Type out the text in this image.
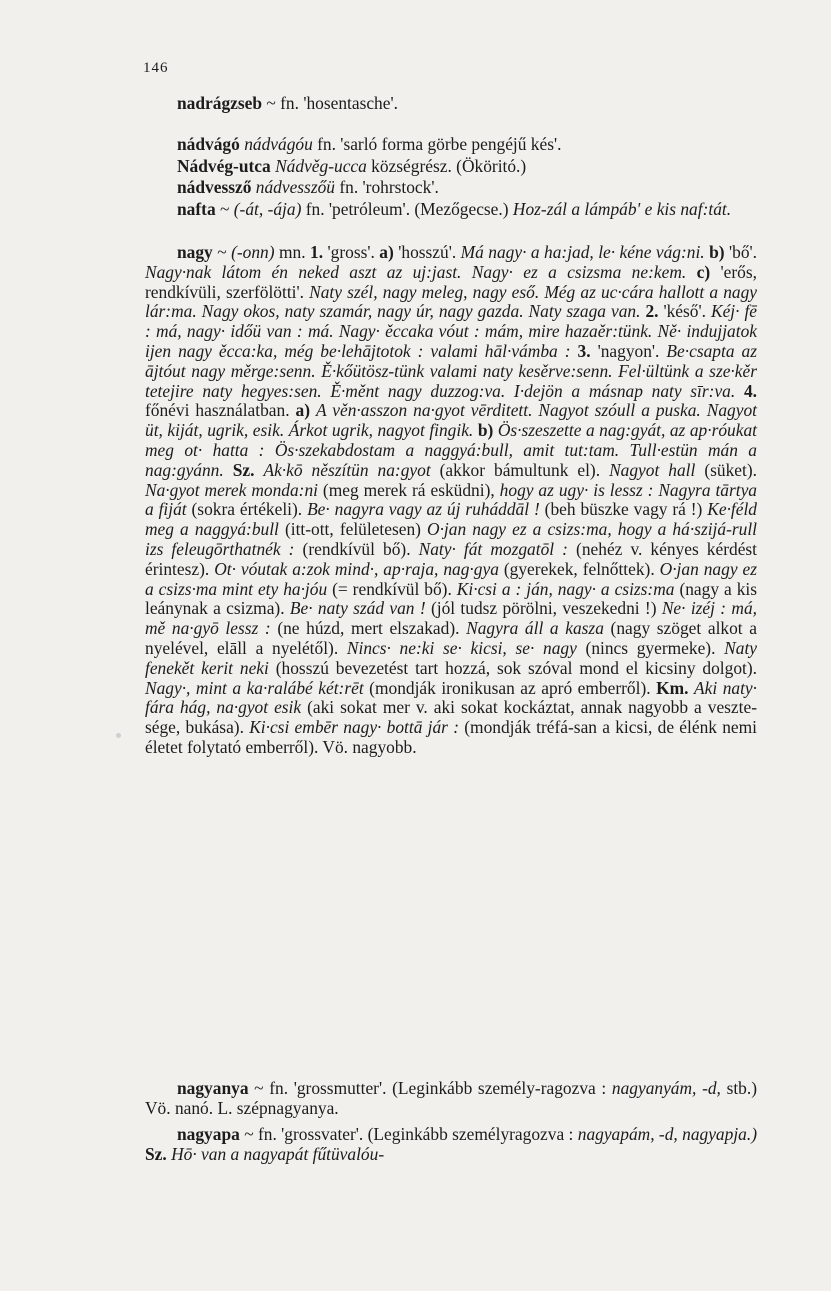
146
nadrágzseb ~ fn. 'hosentasche'.
nádvágó nádvágóu fn. 'sarló forma görbe pengéjű kés'.
Nádvég-utca Nádvěg-ucca községrész. (Ököritó.)
nádvessző nádvesszőü fn. 'rohrstock'.
nafta ~ (-át, -ája) fn. 'petróleum'. (Mezőgecse.) Hoz-zál a lámpáb' e kis naf:tát.
nagy ~ (-onn) mn. 1. 'gross'. a) 'hosszú'. Má nagy· a ha:jad, le· kéne vág:ni. b) 'bő'. Nagy·nak látom én neked aszt az uj:jast. Nagy· ez a csizsma ne:kem. c) 'erős, rendkívüli, szerfölötti'. Naty szél, nagy meleg, nagy eső. Még az uc·cára hallott a nagy lár:ma. Nagy okos, naty szamár, nagy úr, nagy gazda. Naty szaga van. 2. 'késő'. Kéj· fē : má, nagy· időü van : má. Nagy· ěccaka vóut : mám, mire hazaěr:tünk. Ně· indujjatok ijen nagy ěcca:ka, még be·lehājtotok : valami hāl·vámba : 3. 'nagyon'. Be·csapta az ājtóut nagy měrge:senn. Ě·kőütösz-tünk valami naty kesěrve:senn. Fel·ültünk a sze·kěr tetejire naty hegyes:sen. Ě·měnt nagy duzzog:va. I·dejön a másnap naty sīr:va. 4. főnévi használatban. a) A věn·asszon na·gyot vērditett. Nagyot szóull a puska. Nagyot üt, kiját, ugrik, esik. Árkot ugrik, nagyot fingik. b) Ös·szeszette a nag:gyát, az ap·róukat meg ot· hatta : Ös·szekabdostam a naggyá:bull, amit tut:tam. Tull·estün mán a nag:gyánn. Sz. Ak·kō něszítün na:gyot (akkor bámultunk el). Nagyot hall (süket). Na·gyot merek monda:ni (meg merek rá esküdni), hogy az ugy· is lessz : Nagyra tārtya a fiját (sokra értékeli). Be· nagyra vagy az új ruháddāl ! (beh büszke vagy rá !) Ke·féld meg a naggyá:bull (itt-ott, felületesen) O·jan nagy ez a csizs:ma, hogy a há·szijá-rull izs feleugōrthatnék : (rendkívül bő). Naty· fát mozgatōl : (nehéz v. kényes kérdést érintesz). Ot· vóutak a:zok mind·, ap·raja, nag·gya (gyerekek, felnőttek). O·jan nagy ez a csizs·ma mint ety ha·jóu (= rendkívül bő). Ki·csi a : ján, nagy· a csizs:ma (nagy a kis leánynak a csizma). Be· naty szád van ! (jól tudsz pörölni, veszekedni !) Ne· izéj : má, mě na·gyō lessz : (ne húzd, mert elszakad). Nagyra áll a kasza (nagy szöget alkot a nyelével, elāll a nyelétől). Nincs· ne:ki se· kicsi, se· nagy (nincs gyermeke). Naty fenekět kerit neki (hosszú bevezetést tart hozzá, sok szóval mond el kicsiny dolgot). Nagy·, mint a ka·ralábé két:rēt (mondják ironikusan az apró emberről). Km. Aki naty· fára hág, na·gyot esik (aki sokat mer v. aki sokat kockáztat, annak nagyobb a veszte-sége, bukása). Ki·csi embēr nagy· bottā jár : (mondják tréfá-san a kicsi, de élénk nemi életet folytató emberről). Vö. nagyobb.
nagyanya ~ fn. 'grossmutter'. (Leginkább személy-ragozva : nagyanyám, -d, stb.) Vö. nanó. L. szépnagyanya.
nagyapa ~ fn. 'grossvater'. (Leginkább személyragozva : nagyapám, -d, nagyapja.) Sz. Hō· van a nagyapát fűtüvalóu-
